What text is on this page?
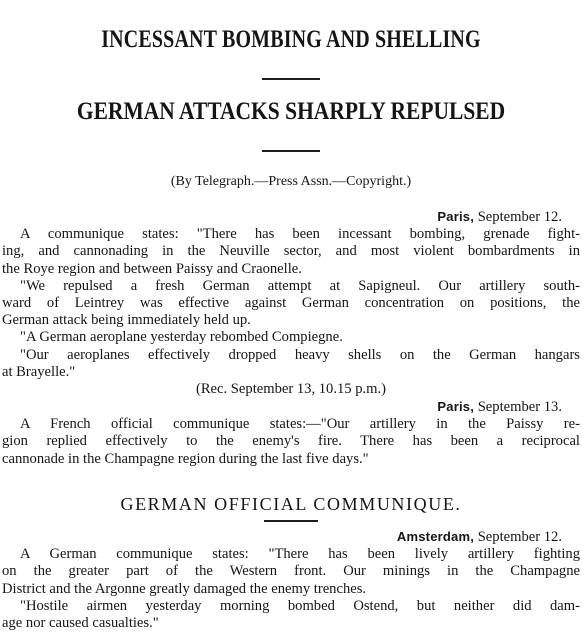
INCESSANT BOMBING AND SHELLING
GERMAN ATTACKS SHARPLY REPULSED
(By Telegraph.—Press Assn.—Copyright.)
Paris, September 12.
A communique states: "There has been incessant bombing, grenade fight-
ing, and cannonading in the Neuville sector, and most violent bombardments in
the Roye region and between Paissy and Craonelle.
"We repulsed a fresh German attempt at Sapigneul. Our artillery south-
ward of Leintrey was effective against German concentration on positions, the
German attack being immediately held up.
"A German aeroplane yesterday rebombed Compiegne.
"Our aeroplanes effectively dropped heavy shells on the German hangars
at Brayelle."
(Rec. September 13, 10.15 p.m.)
Paris, September 13.
A French official communique states:—"Our artillery in the Paissy re-
gion replied effectively to the enemy's fire. There has been a reciprocal
cannonade in the Champagne region during the last five days."
GERMAN OFFICIAL COMMUNIQUE.
Amsterdam, September 12.
A German communique states: "There has been lively artillery fighting
on the greater part of the Western front. Our minings in the Champagne
District and the Argonne greatly damaged the enemy trenches.
"Hostile airmen yesterday morning bombed Ostend, but neither did dam-
age nor caused casualties."
